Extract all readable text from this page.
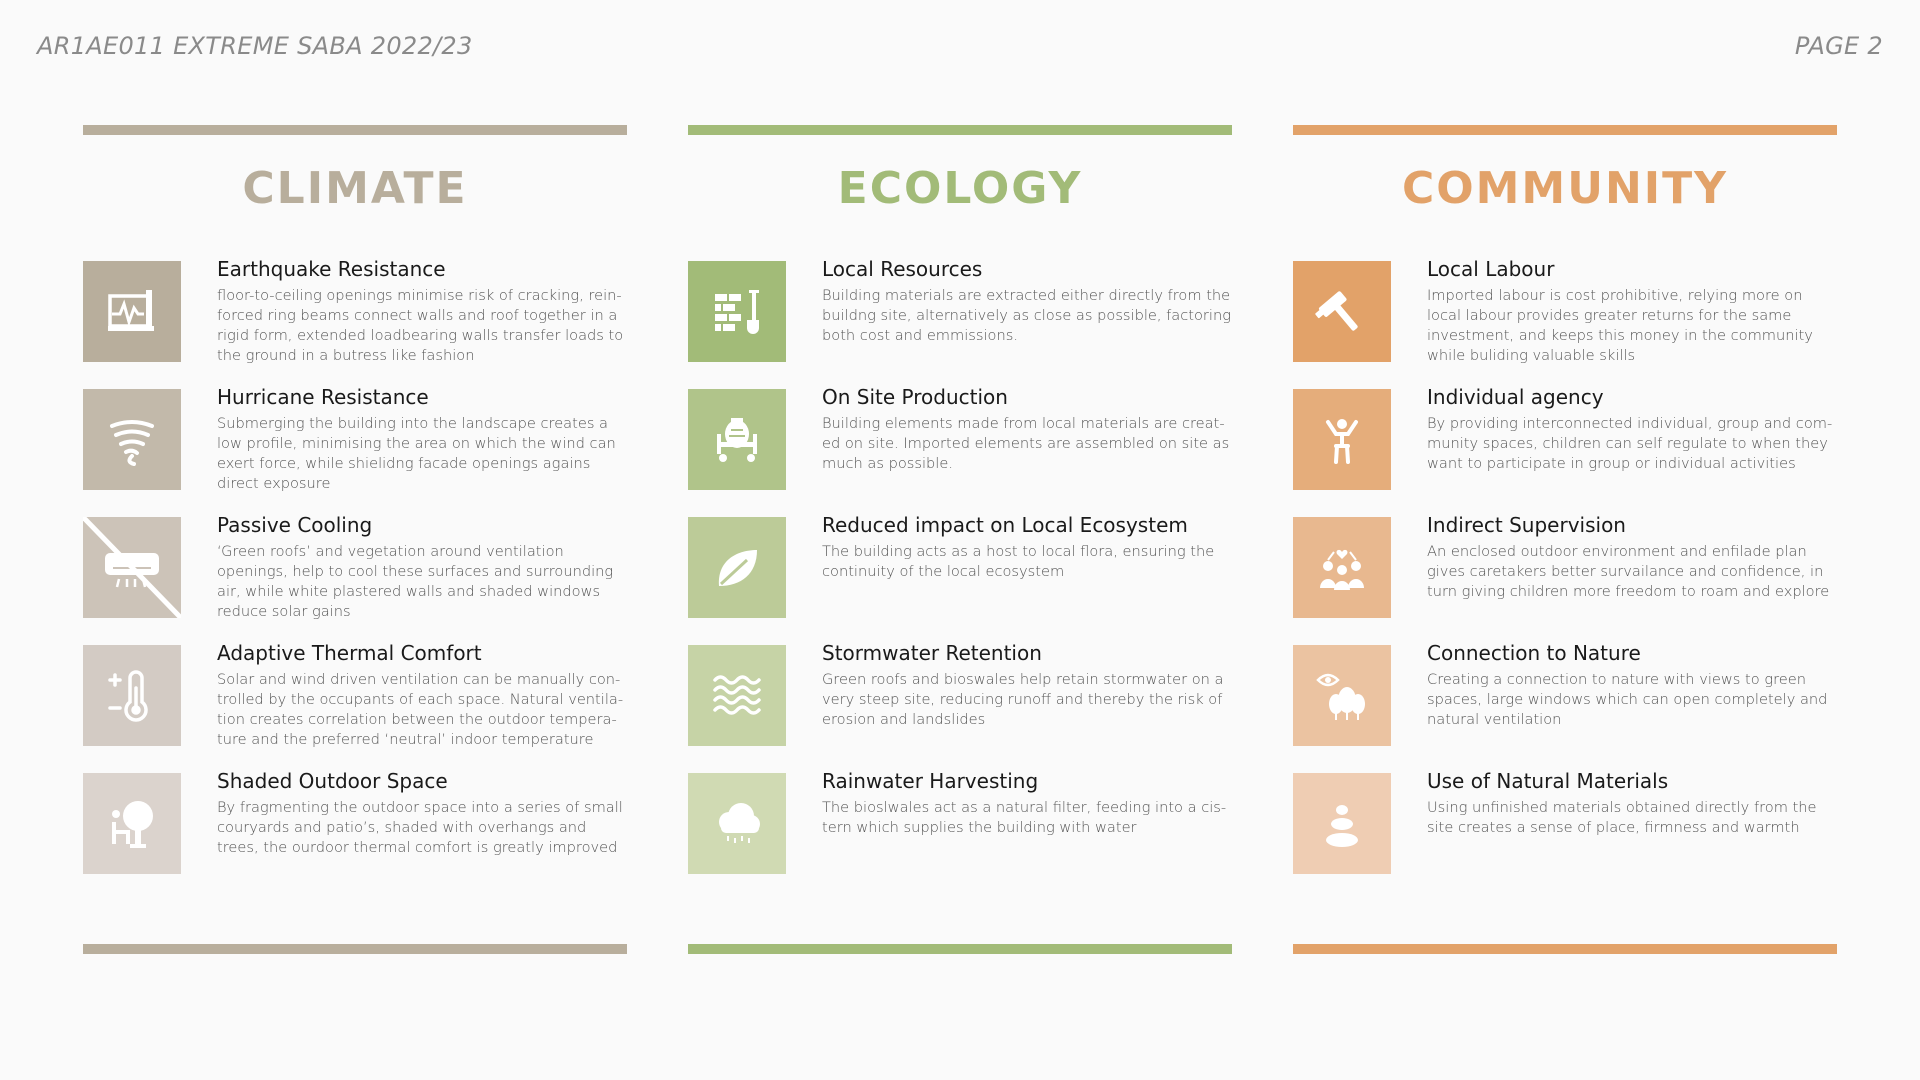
AR1AE011 EXTREME SABA 2022/23	PAGE 2
CLIMATE
Earthquake Resistance
floor-to-ceiling openings minimise risk of cracking, rein-forced ring beams connect walls and roof together in a rigid form, extended loadbearing walls transfer loads to the ground in a butress like fashion
Hurricane Resistance
Submerging the building into the landscape creates a low profile, minimising the area on which the wind can exert force, while shielidng facade openings agains direct exposure
Passive Cooling
‘Green roofs’ and vegetation around ventilation openings, help to cool these surfaces and surrounding air, while white plastered walls and shaded windows reduce solar gains
Adaptive Thermal Comfort
Solar and wind driven ventilation can be manually con-trolled by the occupants of each space. Natural ventila-tion creates correlation between the outdoor tempera-ture and the preferred ‘neutral’ indoor temperature
Shaded Outdoor Space
By fragmenting the outdoor space into a series of small couryards and patio’s, shaded with overhangs and trees, the ourdoor thermal comfort is greatly improved
ECOLOGY
Local Resources
Building materials are extracted either directly from the buildng site, alternatively as close as possible, factoring both cost and emmissions.
On Site Production
Building elements made from local materials are creat-ed on site. Imported elements are assembled on site as much as possible.
Reduced impact on Local Ecosystem
The building acts as a host to local flora, ensuring the continuity of the local ecosystem
Stormwater Retention
Green roofs and bioswales help retain stormwater on a very steep site, reducing runoff and thereby the risk of erosion and landslides
Rainwater Harvesting
The bioslwales act as a natural filter, feeding into a cis-tern which supplies the building with water
COMMUNITY
Local Labour
Imported labour is cost prohibitive, relying more on local labour provides greater returns for the same investment, and keeps this money in the community while buliding valuable skills
Individual agency
By providing interconnected individual, group and com-munity spaces, children can self regulate to when they want to participate in group or individual activities
Indirect Supervision
An enclosed outdoor environment and enfilade plan gives caretakers better survailance and confidence, in turn giving children more freedom to roam and explore
Connection to Nature
Creating a connection to nature with views to green spaces, large windows which can open completely and natural ventilation
Use of Natural Materials
Using unfinished materials obtained directly from the site creates a sense of place, firmness and warmth
